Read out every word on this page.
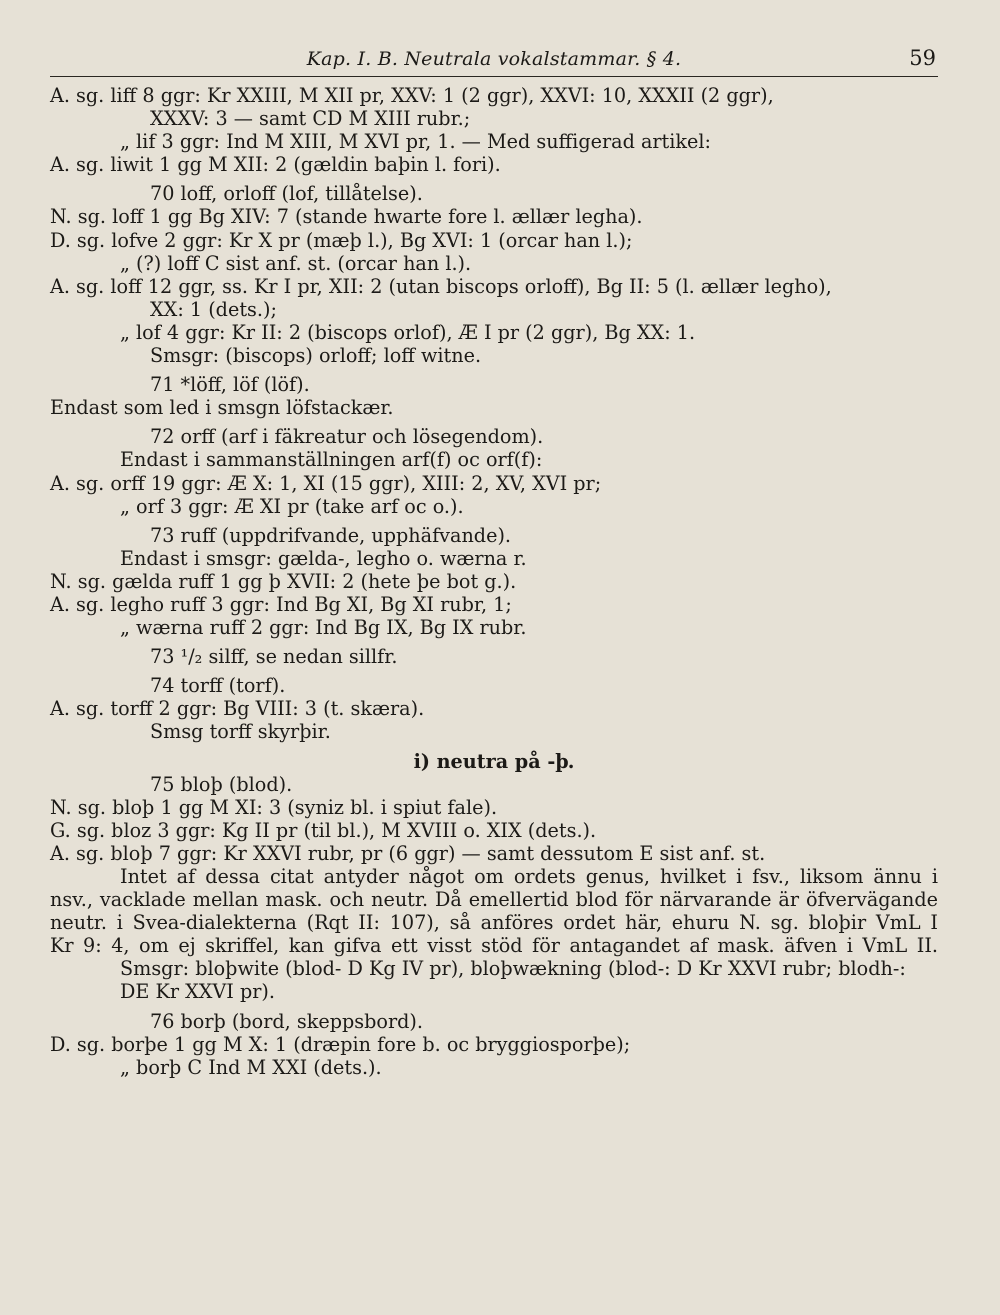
Kap. I. B. Neutrala vokalstammar. § 4.	59
A. sg. liff 8 ggr: Kr XXIII, M XII pr, XXV: 1 (2 ggr), XXVI: 10, XXXII (2 ggr),
XXXV: 3 — samt CD M XIII rubr.;
„ lif 3 ggr: Ind M XIII, M XVI pr, 1. — Med suffigerad artikel:
A. sg. liwit 1 gg M XII: 2 (gældin baþin l. fori).
70 loff, orloff (lof, tillåtelse).
N. sg. loff 1 gg Bg XIV: 7 (stande hwarte fore l. ællær legha).
D. sg. lofve 2 ggr: Kr X pr (mæþ l.), Bg XVI: 1 (orcar han l.);
„ (?) loff C sist anf. st. (orcar han l.).
A. sg. loff 12 ggr, ss. Kr I pr, XII: 2 (utan biscops orloff), Bg II: 5 (l. ællær legho),
XX: 1 (dets.);
„ lof 4 ggr: Kr II: 2 (biscops orlof), Æ I pr (2 ggr), Bg XX: 1.
Smsgr: (biscops) orloff; loff witne.
71 *löff, löf (löf).
Endast som led i smsgn löfstackær.
72 orff (arf i fäkreatur och lösegendom).
Endast i sammanställningen arf(f) oc orf(f):
A. sg. orff 19 ggr: Æ X: 1, XI (15 ggr), XIII: 2, XV, XVI pr;
„ orf 3 ggr: Æ XI pr (take arf oc o.).
73 ruff (uppdrifvande, upphäfvande).
Endast i smsgr: gælda-, legho o. wærna r.
N. sg. gælda ruff 1 gg þ XVII: 2 (hete þe bot g.).
A. sg. legho ruff 3 ggr: Ind Bg XI, Bg XI rubr, 1;
„ wærna ruff 2 ggr: Ind Bg IX, Bg IX rubr.
73 ¹/₂ silff, se nedan sillfr.
74 torff (torf).
A. sg. torff 2 ggr: Bg VIII: 3 (t. skæra).
Smsg torff skyrþir.
i) neutra på -þ.
75 bloþ (blod).
N. sg. bloþ 1 gg M XI: 3 (syniz bl. i spiut fale).
G. sg. bloz 3 ggr: Kg II pr (til bl.), M XVIII o. XIX (dets.).
A. sg. bloþ 7 ggr: Kr XXVI rubr, pr (6 ggr) — samt dessutom E sist anf. st.
Intet af dessa citat antyder något om ordets genus, hvilket i fsv., liksom ännu i
nsv., vacklade mellan mask. och neutr. Då emellertid blod för närvarande är öfvervägande
neutr. i Svea-dialekterna (Rqt II: 107), så anföres ordet här, ehuru N. sg. bloþir VmL I
Kr 9: 4, om ej skriffel, kan gifva ett visst stöd för antagandet af mask. äfven i VmL II.
Smsgr: bloþwite (blod- D Kg IV pr), bloþwækning (blod-: D Kr XXVI rubr; blodh-:
DE Kr XXVI pr).
76 borþ (bord, skeppsbord).
D. sg. borþe 1 gg M X: 1 (dræpin fore b. oc bryggiosporþe);
„ borþ C Ind M XXI (dets.).
